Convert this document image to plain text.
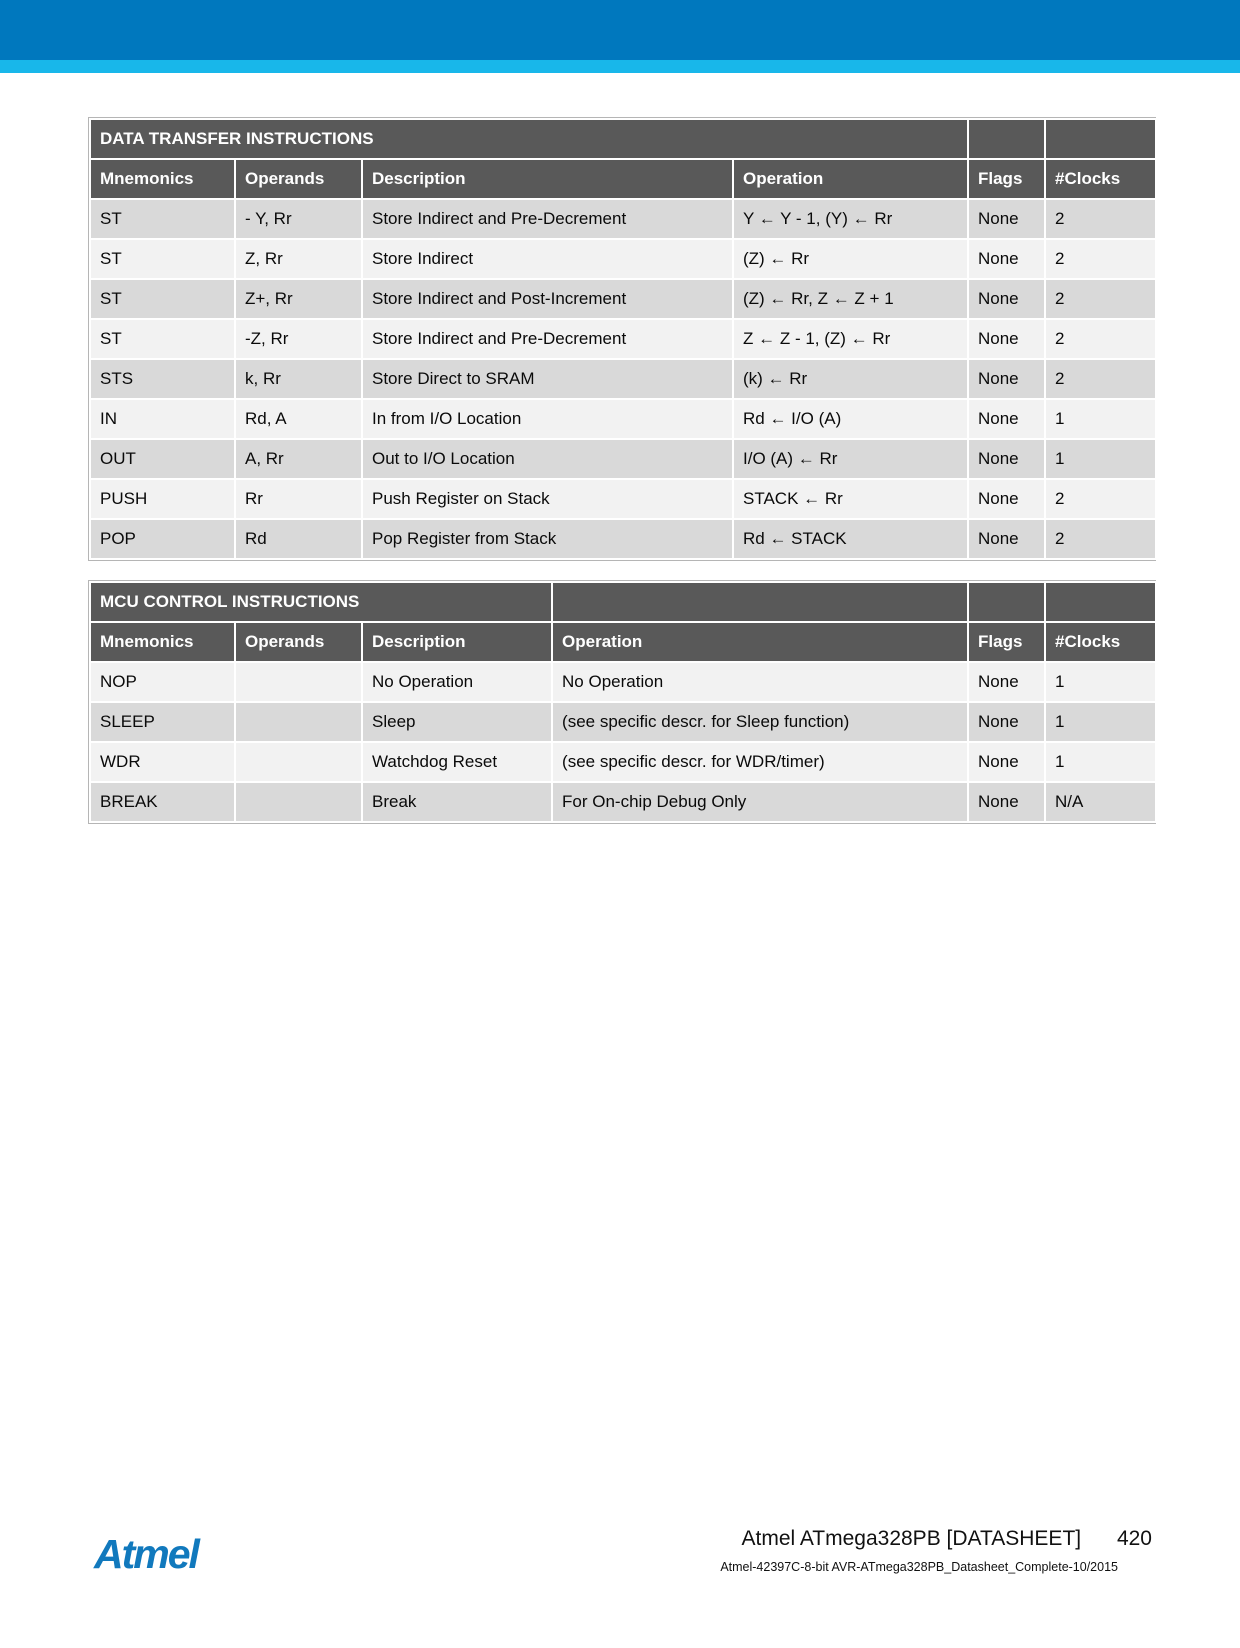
DATA TRANSFER INSTRUCTIONS					
Mnemonics	Operands	Description	Operation	Flags	#Clocks
ST	- Y, Rr	Store Indirect and Pre-Decrement	Y ← Y - 1, (Y) ← Rr	None	2
ST	Z, Rr	Store Indirect	(Z) ← Rr	None	2
ST	Z+, Rr	Store Indirect and Post-Increment	(Z) ← Rr, Z ← Z + 1	None	2
ST	-Z, Rr	Store Indirect and Pre-Decrement	Z ← Z - 1, (Z) ← Rr	None	2
STS	k, Rr	Store Direct to SRAM	(k) ← Rr	None	2
IN	Rd, A	In from I/O Location	Rd ← I/O (A)	None	1
OUT	A, Rr	Out to I/O Location	I/O (A) ← Rr	None	1
PUSH	Rr	Push Register on Stack	STACK ← Rr	None	2
POP	Rd	Pop Register from Stack	Rd ← STACK	None	2
MCU CONTROL INSTRUCTIONS					
Mnemonics	Operands	Description	Operation	Flags	#Clocks
NOP		No Operation	No Operation	None	1
SLEEP		Sleep	(see specific descr. for Sleep function)	None	1
WDR		Watchdog Reset	(see specific descr. for WDR/timer)	None	1
BREAK		Break	For On-chip Debug Only	None	N/A
Atmel	Atmel ATmega328PB [DATASHEET] 420
Atmel-42397C-8-bit AVR-ATmega328PB_Datasheet_Complete-10/2015
